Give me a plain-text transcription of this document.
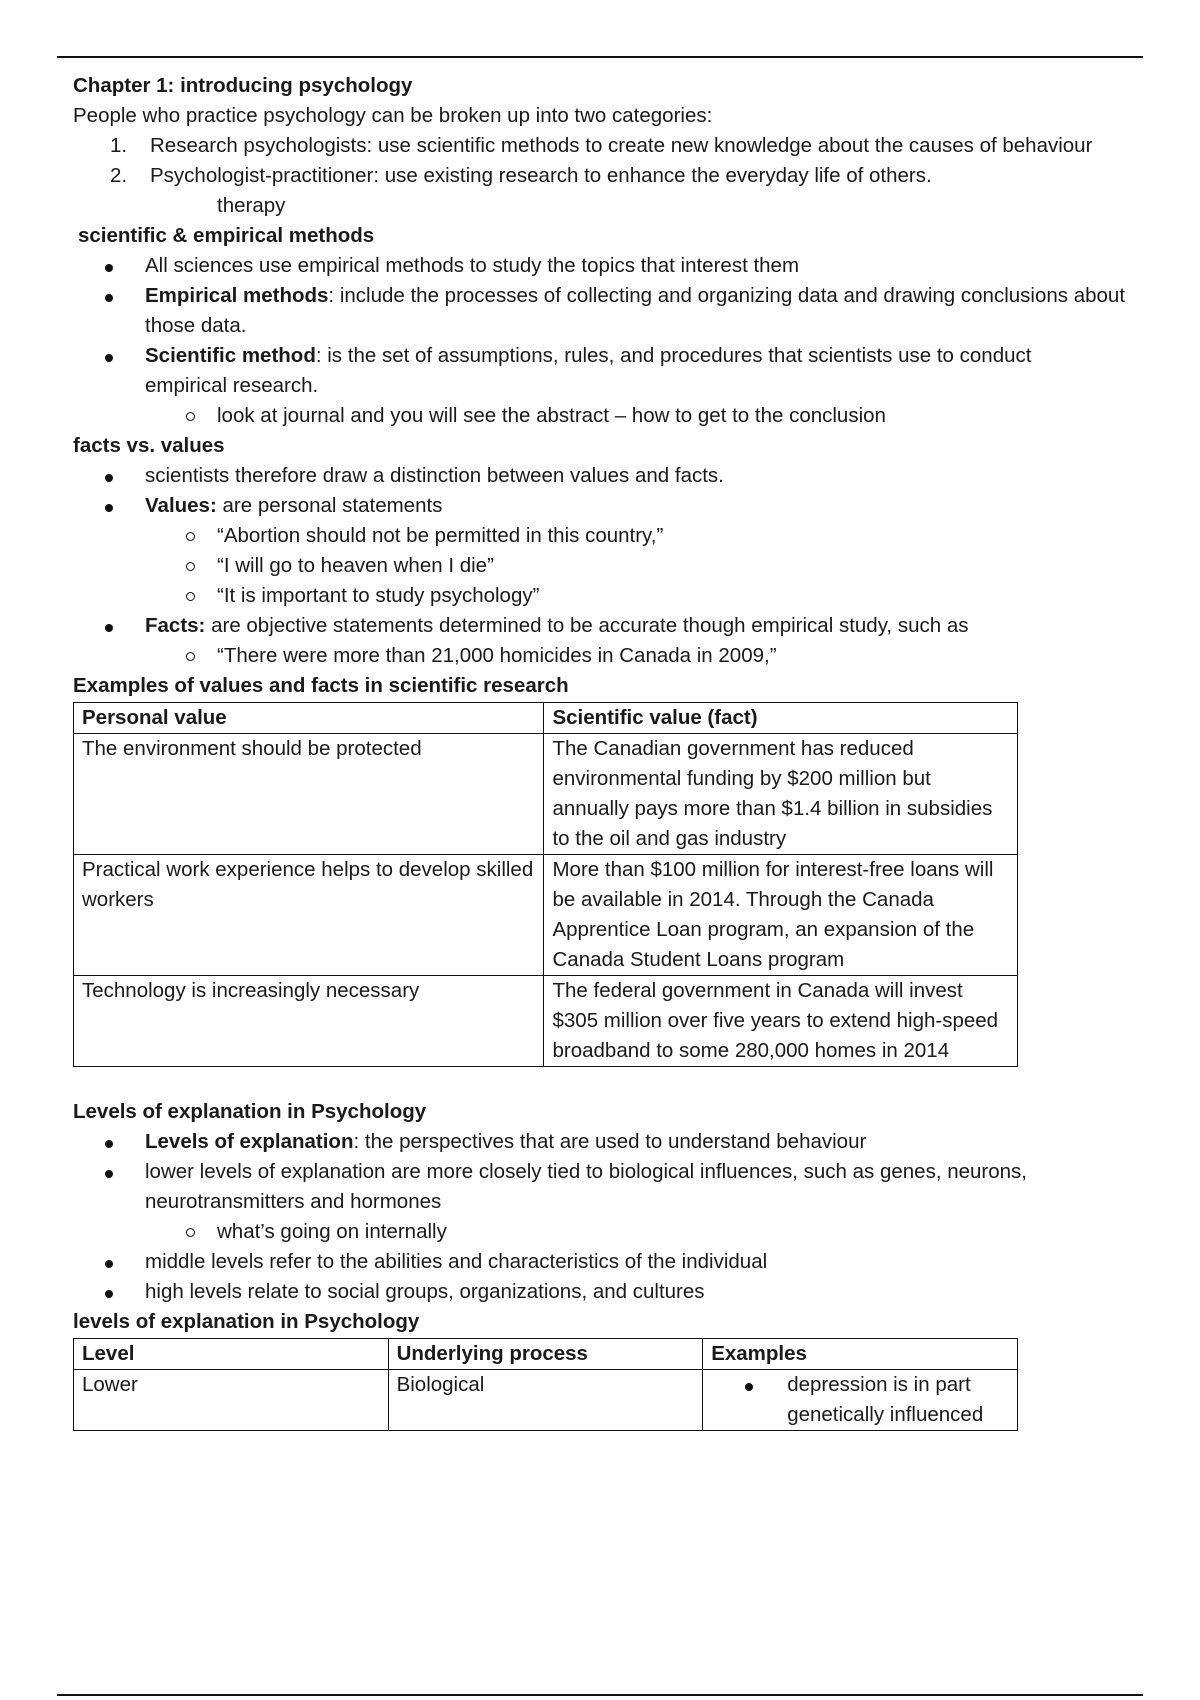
Chapter 1: introducing psychology
People who practice psychology can be broken up into two categories:
1.	Research psychologists: use scientific methods to create new knowledge about the causes of behaviour
2.	Psychologist-practitioner: use existing research to enhance the everyday life of others.
therapy
scientific & empirical methods
All sciences use empirical methods to study the topics that interest them
Empirical methods: include the processes of collecting and organizing data and drawing conclusions about those data.
Scientific method: is the set of assumptions, rules, and procedures that scientists use to conduct empirical research.
look at journal and you will see the abstract – how to get to the conclusion
facts vs. values
scientists therefore draw a distinction between values and facts.
Values: are personal statements
“Abortion should not be permitted in this country,”
“I will go to heaven when I die”
“It is important to study psychology”
Facts: are objective statements determined to be accurate though empirical study, such as
“There were more than 21,000 homicides in Canada in 2009,”
Examples of values and facts in scientific research
Personal value	Scientific value (fact)
The environment should be protected	The Canadian government has reduced environmental funding by $200 million but annually pays more than $1.4 billion in subsidies to the oil and gas industry
Practical work experience helps to develop skilled workers	More than $100 million for interest-free loans will be available in 2014. Through the Canada Apprentice Loan program, an expansion of the Canada Student Loans program
Technology is increasingly necessary	The federal government in Canada will invest $305 million over five years to extend high-speed broadband to some 280,000 homes in 2014
Levels of explanation in Psychology
Levels of explanation: the perspectives that are used to understand behaviour
lower levels of explanation are more closely tied to biological influences, such as genes, neurons, neurotransmitters and hormones
what’s going on internally
middle levels refer to the abilities and characteristics of the individual
high levels relate to social groups, organizations, and cultures
levels of explanation in Psychology
Level	Underlying process	Examples
Lower	Biological	depression is in part genetically influenced
